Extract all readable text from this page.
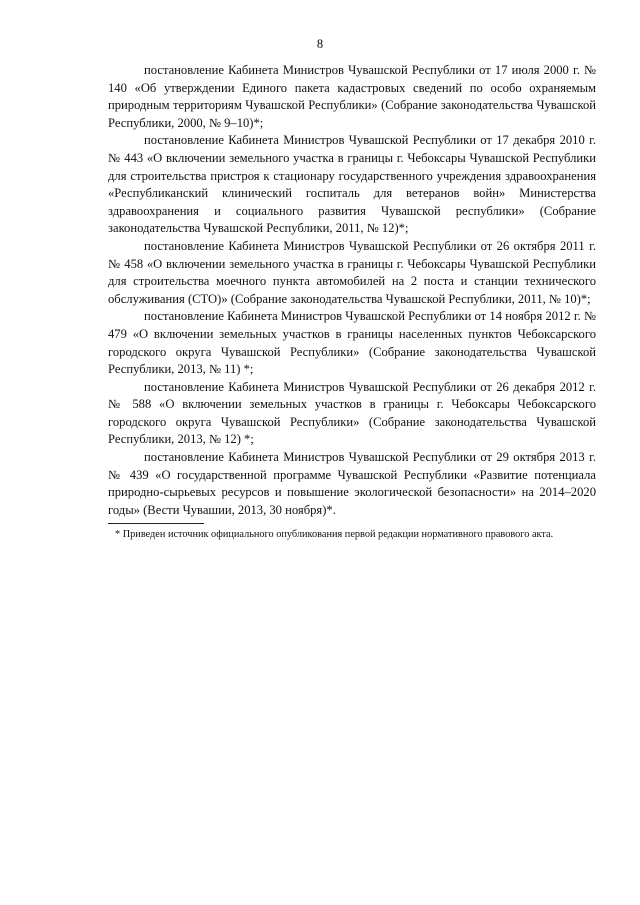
8

постановление Кабинета Министров Чувашской Республики от 17 июля 2000 г. № 140 «Об утверждении Единого пакета кадастровых сведений по особо охраняемым природным территориям Чувашской Республики» (Собрание законодательства Чувашской Республики, 2000, № 9–10)*;

постановление Кабинета Министров Чувашской Республики от 17 декабря 2010 г. № 443 «О включении земельного участка в границы г. Чебоксары Чувашской Республики для строительства пристроя к стационару государственного учреждения здравоохранения «Республиканский клинический госпиталь для ветеранов войн» Министерства здравоохранения и социального развития Чувашской республики» (Собрание законодательства Чувашской Республики, 2011, № 12)*;

постановление Кабинета Министров Чувашской Республики от 26 октября 2011 г. № 458 «О включении земельного участка в границы г. Чебоксары Чувашской Республики для строительства моечного пункта автомобилей на 2 поста и станции технического обслуживания (СТО)» (Собрание законодательства Чувашской Республики, 2011, № 10)*;

постановление Кабинета Министров Чувашской Республики от 14 ноября 2012 г. № 479 «О включении земельных участков в границы населенных пунктов Чебоксарского городского округа Чувашской Республики» (Собрание законодательства Чувашской Республики, 2013, № 11) *;

постановление Кабинета Министров Чувашской Республики от 26 декабря 2012 г. № 588 «О включении земельных участков в границы г. Чебоксары Чебоксарского городского округа Чувашской Республики» (Собрание законодательства Чувашской Республики, 2013, № 12) *;

постановление Кабинета Министров Чувашской Республики от 29 октября 2013 г. № 439 «О государственной программе Чувашской Республики «Развитие потенциала природно-сырьевых ресурсов и повышение экологической безопасности» на 2014–2020 годы» (Вести Чувашии, 2013, 30 ноября)*.

* Приведен источник официального опубликования первой редакции нормативного правового акта.
